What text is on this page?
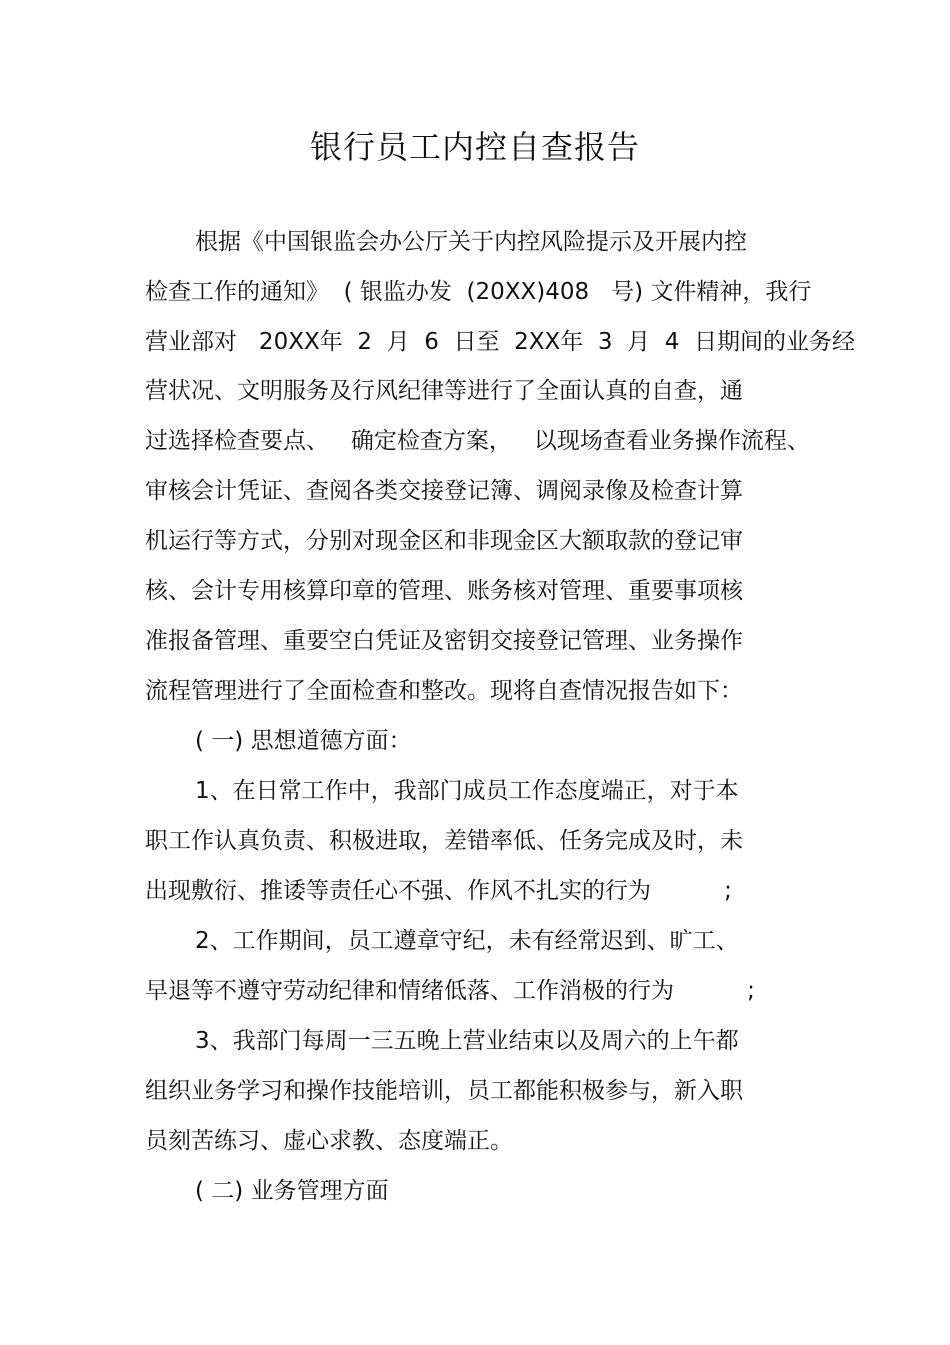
银行员工内控自查报告
根据《中国银监会办公厅关于内控风险提示及开展内控
检查工作的通知》  ( 银监办发  (20XX)408   号) 文件精神，我行
营业部对   20XX年  2  月  6  日至  2XX年  3  月  4  日期间的业务经
营状况、文明服务及行风纪律等进行了全面认真的自查，通
过选择检查要点、   确定检查方案，   以现场查看业务操作流程、
审核会计凭证、查阅各类交接登记簿、调阅录像及检查计算
机运行等方式，分别对现金区和非现金区大额取款的登记审
核、会计专用核算印章的管理、账务核对管理、重要事项核
准报备管理、重要空白凭证及密钥交接登记管理、业务操作
流程管理进行了全面检查和整改。现将自查情况报告如下：
( 一) 思想道德方面：
1、在日常工作中，我部门成员工作态度端正，对于本
职工作认真负责、积极进取，差错率低、任务完成及时，未
出现敷衍、推诿等责任心不强、作风不扎实的行为          ;
2、工作期间，员工遵章守纪，未有经常迟到、旷工、
早退等不遵守劳动纪律和情绪低落、工作消极的行为          ;
3、我部门每周一三五晚上营业结束以及周六的上午都
组织业务学习和操作技能培训，员工都能积极参与，新入职
员刻苦练习、虚心求教、态度端正。
( 二) 业务管理方面
